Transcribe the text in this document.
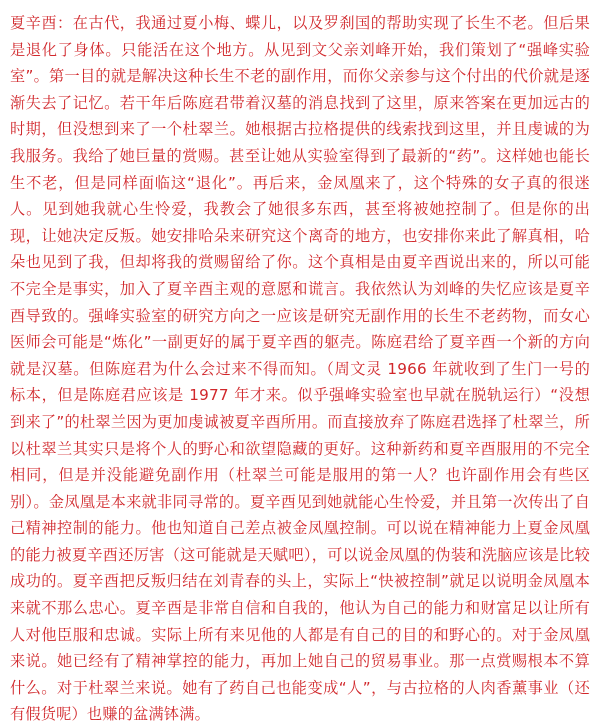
夏辛酉：在古代，我通过夏小梅、蝶儿，以及罗刹国的帮助实现了长生不老。但后果是退化了身体。只能活在这个地方。从见到文父亲刘峰开始，我们策划了“强峰实验室”。第一目的就是解决这种长生不老的副作用，而你父亲参与这个付出的代价就是逐渐失去了记忆。若干年后陈庭君带着汉墓的消息找到了这里，原来答案在更加远古的时期，但没想到来了一个杜翠兰。她根据古拉格提供的线索找到这里，并且虔诚的为我服务。我给了她巨量的赏赐。甚至让她从实验室得到了最新的“药”。这样她也能长生不老，但是同样面临这“退化”。再后来，金凤凰来了，这个特殊的女子真的很迷人。见到她我就心生怜爱，我教会了她很多东西，甚至将被她控制了。但是你的出现，让她决定反叛。她安排哈朵来研究这个离奇的地方，也安排你来此了解真相，哈朵也见到了我，但却将我的赏赐留给了你。这个真相是由夏辛酉说出来的，所以可能不完全是事实，加入了夏辛酉主观的意愿和谎言。我依然认为刘峰的失忆应该是夏辛酉导致的。强峰实验室的研究方向之一应该是研究无副作用的长生不老药物，而女心医师会可能是“炼化”一副更好的属于夏辛酉的躯壳。陈庭君给了夏辛酉一个新的方向就是汉墓。但陈庭君为什么会过来不得而知。（周文灵 1966 年就收到了生门一号的标本，但是陈庭君应该是 1977 年才来。似乎强峰实验室也早就在脱轨运行）“没想到来了”的杜翠兰因为更加虔诚被夏辛酉所用。而直接放弃了陈庭君选择了杜翠兰，所以杜翠兰其实只是将个人的野心和欲望隐藏的更好。这种新药和夏辛酉服用的不完全相同，但是并没能避免副作用（杜翠兰可能是服用的第一人？也许副作用会有些区别）。金凤凰是本来就非同寻常的。夏辛酉见到她就能心生怜爱，并且第一次传出了自己精神控制的能力。他也知道自己差点被金凤凰控制。可以说在精神能力上夏金凤凰的能力被夏辛酉还厉害（这可能就是天赋吧），可以说金凤凰的伪装和洗脑应该是比较成功的。夏辛酉把反叛归结在刘青春的头上，实际上“快被控制”就足以说明金凤凰本来就不那么忠心。夏辛酉是非常自信和自我的，他认为自己的能力和财富足以让所有人对他臣服和忠诚。实际上所有来见他的人都是有自己的目的和野心的。对于金凤凰来说。她已经有了精神掌控的能力，再加上她自己的贸易事业。那一点赏赐根本不算什么。对于杜翠兰来说。她有了药自己也能变成“人”，与古拉格的人肉香薰事业（还有假货呢）也赚的盆满钵满。
